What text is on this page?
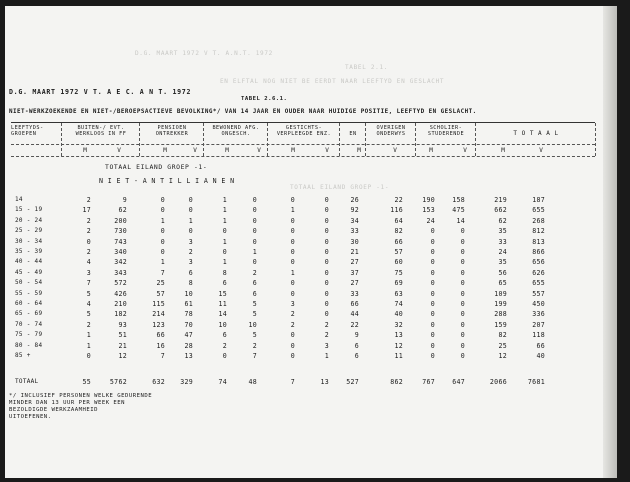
D.G. MAART 1972 V T. A.N.T. 1972
TABEL 2.1.
EN ELFTAL NOG NIET BE EERDT NAAR LEEFTYD EN GESLACHT
TOTAAL EILAND GROEP -1-
D.G. MAART 1972 V T. A E C. A N T. 1972
TABEL 2.6.1.
NIET-WERKZOEKENDE EN NIET-/BEROEPSACTIEVE BEVOLKING*/ VAN 14 JAAR EN OUDER NAAR HUIDIGE POSITIE, LEEFTYD EN GESLACHT.
LEEFTYDS-
GROEPEN
BUITEN-/ EVT.
WERKLOOS IN FF
PENSIOEN
ONTREKKER
BEWONEND AFG.
ONGESCH.
GESTICHTS-
VERPLEEGDE ENZ.	EN
OVERIGEN
ONDERWYS
SCHOLIER-
STUDERENDE	T O T A A L
M	V	M	V	M	V	M	V	M	V	M	V	M	V
TOTAAL EILAND GROEP -1-
N I E T - A N T I L L I A N E N
14	2	9	0	0	1	0	0	0	26	22	190	158	219	187
15 - 19	17	62	0	0	1	0	1	0	92	116	153	475	662	655
20 - 24	2	200	1	1	1	0	0	0	34	64	24	14	62	268
25 - 29	2	730	0	0	0	0	0	0	33	82	0	0	35	812
30 - 34	0	743	0	3	1	0	0	0	30	66	0	0	33	813
35 - 39	2	340	0	2	0	1	0	0	21	57	0	0	24	866
40 - 44	4	342	1	3	1	0	0	0	27	60	0	0	35	656
45 - 49	3	343	7	6	8	2	1	0	37	75	0	0	56	626
50 - 54	7	572	25	8	6	6	0	0	27	69	0	0	65	655
55 - 59	5	426	57	10	15	6	0	0	33	63	0	0	109	557
60 - 64	4	210	115	61	11	5	3	0	66	74	0	0	199	450
65 - 69	5	182	214	78	14	5	2	0	44	40	0	0	288	336
70 - 74	2	93	123	70	10	10	2	2	22	32	0	0	159	207
75 - 79	1	51	66	47	6	5	0	2	9	13	0	0	82	118
80 - 84	1	21	16	28	2	2	0	3	6	12	0	0	25	66
85 +	0	12	7	13	0	7	0	1	6	11	0	0	12	40
TOTAAL	55	5762	632	329	74	48	7	13	527	862	767	647	2066	7681
*/ INCLUSIEF PERSONEN WELKE GEDURENDE
MINDER DAN 13 UUR PER WEEK EEN
BEZOLDIGDE WERKZAAMHEID
UITOEFENEN.
